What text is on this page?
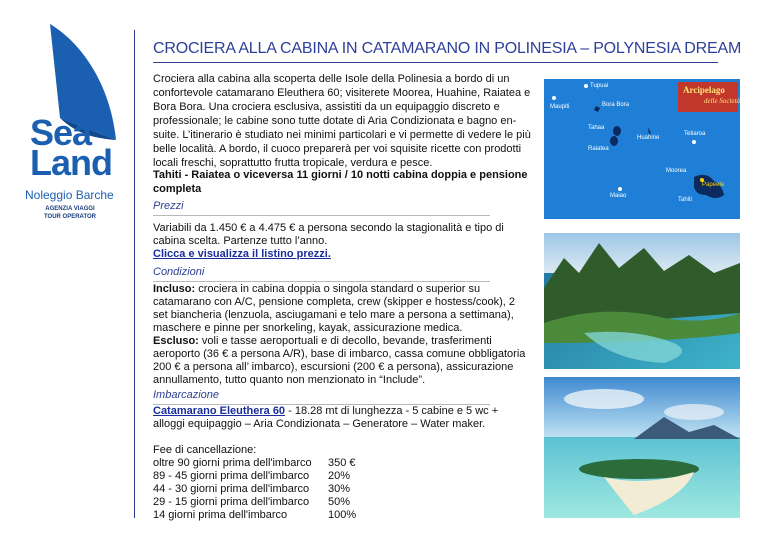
Sea
Land
Noleggio Barche
AGENZIA VIAGGI
TOUR OPERATOR
CROCIERA ALLA CABINA IN CATAMARANO IN POLINESIA – POLYNESIA DREAM
Crociera alla cabina alla scoperta delle Isole della Polinesia a bordo di un confortevole catamarano Eleuthera 60; visiterete Moorea, Huahine, Raiatea e Bora Bora. Una crociera esclusiva, assistiti da un equipaggio discreto e professionale; le cabine sono tutte dotate di Aria Condizionata e bagno en-suite. L’itinerario è studiato nei minimi particolari e vi permette di vedere le più belle località. A bordo, il cuoco preparerà per voi squisite ricette con prodotti locali freschi, soprattutto frutta tropicale, verdura e pesce.
Tahiti - Raiatea o viceversa 11 giorni / 10 notti cabina doppia e pensione completa
Prezzi
Variabili da 1.450 € a 4.475 € a persona secondo la stagionalità e tipo di cabina scelta. Partenze tutto l’anno.
Clicca e visualizza il listino prezzi.
Condizioni
Incluso: crociera in cabina doppia o singola standard o superior su catamarano con A/C, pensione completa, crew (skipper e hostess/cook), 2 set biancheria (lenzuola, asciugamani e telo mare a persona a settimana), maschere e pinne per snorkeling, kayak, assicurazione medica.
Escluso: voli e tasse aeroportuali e di decollo, bevande, trasferimenti aeroporto (36 € a persona A/R), base di imbarco, cassa comune obbligatoria 200 € a persona all’ imbarco), escursioni (200 € a persona), assicurazione annullamento, tutto quanto non menzionato in “Include”.
Imbarcazione
Catamarano Eleuthera 60 - 18.28 mt di lunghezza - 5 cabine e 5 wc + alloggi equipaggio – Aria Condizionata – Generatore – Water maker.
Fee di cancellazione:
oltre 90 giorni prima dell'imbarco	350 €
89 - 45 giorni prima dell'imbarco	20%
44 - 30 giorni prima dell'imbarco	30%
29 - 15 giorni prima dell'imbarco	50%
14 giorni prima dell'imbarco	100%
Arcipelago
delle Società
Tupuai
Maupiti	Bora Bora
Tahaa
Huahine
Raiatea
Tetiaroa
Moorea
Papeete
Maiao
Tahiti
